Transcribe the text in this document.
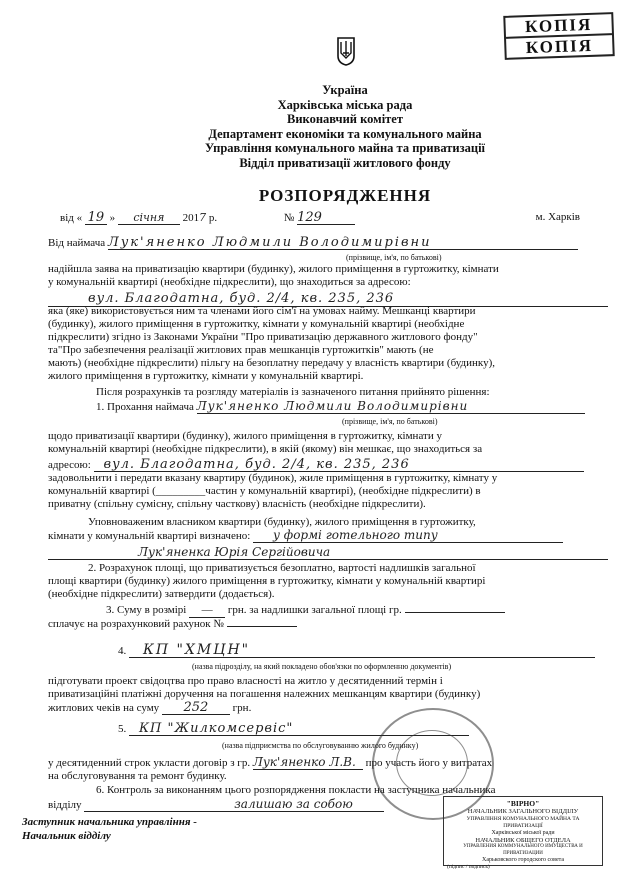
КОПІЯ
КОПІЯ
Україна
Харківська міська рада
Виконавчий комітет
Департамент економіки та комунального майна
Управління комунального майна та приватизації
Відділ приватизації житлового фонду
РОЗПОРЯДЖЕННЯ
від « 19 » січня 2017 р.	№ 129	м. Харків
Від наймача Лук'яненко Людмили Володимирівни
(прізвище, ім'я, по батькові)
надійшла заява на приватизацію квартири (будинку), жилого приміщення в гуртожитку, кімнати
у комунальній квартирі (необхідне підкреслити), що знаходиться за адресою:
вул. Благодатна, буд. 2/4, кв. 235, 236
яка (яке) використовується ним та членами його сім'ї на умовах найму. Мешканці квартири
(будинку), жилого приміщення в гуртожитку, кімнати у комунальній квартирі (необхідне
підкреслити) згідно із Законами України "Про приватизацію державного житлового фонду"
та"Про забезпечення реалізації житлових прав мешканців гуртожитків" мають (не
мають) (необхідне підкреслити) пільгу на безоплатну передачу у власність квартири (будинку),
жилого приміщення в гуртожитку, кімнати у комунальній квартирі.
Після розрахунків та розгляду матеріалів із зазначеного питання прийнято рішення:
1. Прохання наймача Лук'яненко Людмили Володимирівни
(прізвище, ім'я, по батькові)
щодо приватизації квартири (будинку), жилого приміщення в гуртожитку, кімнати у
комунальній квартирі (необхідне підкреслити), в якій (якому) він мешкає, що знаходиться за
адресою: вул. Благодатна, буд. 2/4, кв. 235, 236
задовольнити і передати вказану квартиру (будинок), жиле приміщення в гуртожитку, кімнату у
комунальній квартирі (_________частин у комунальній квартирі), (необхідне підкреслити) в
приватну (спільну сумісну, спільну часткову) власність (необхідне підкреслити).
Уповноваженим власником квартири (будинку), жилого приміщення в гуртожитку,
кімнати у комунальній квартирі визначено: у формі готельного типу
Лук'яненка Юрія Сергійовича
2. Розрахунок площі, що приватизується безоплатно, вартості надлишків загальної
площі квартири (будинку) жилого приміщення в гуртожитку, кімнати у комунальній квартирі
(необхідне підкреслити) затвердити (додається).
3. Суму в розмірі — грн. за надлишки загальної площі гр.
сплачує на розрахунковий рахунок №
4. КП "ХМЦН"
(назва підрозділу, на який покладено обов'язки по оформленню документів)
підготувати проект свідоцтва про право власності на житло у десятиденний термін і
приватизаційні платіжні доручення на погашення належних мешканцям квартири (будинку)
житлових чеків на суму 252 грн.
5. КП "Жилкомсервіс"
(назва підприємства по обслуговуванню жилого будинку)
у десятиденний строк укласти договір з гр. Лук'яненко Л.В. про участь його у витратах
на обслуговування та ремонт будинку.
6. Контроль за виконанням цього розпорядження покласти на заступника начальника
відділу	залишаю за собою
Заступник начальника управління -
Начальник відділу
"ВІРНО"
НАЧАЛЬНИК ЗАГАЛЬНОГО ВІДДІЛУ
УПРАВЛІННЯ КОМУНАЛЬНОГО МАЙНА ТА ПРИВАТИЗАЦІЇ
Харківської міської ради
НАЧАЛЬНИК ОБЩЕГО ОТДЕЛА
УПРАВЛЕНИЯ КОММУНАЛЬНОГО ИМУЩЕСТВА И ПРИВАТИЗАЦИИ
Харьковского городского совета
(підпис / подпись)
